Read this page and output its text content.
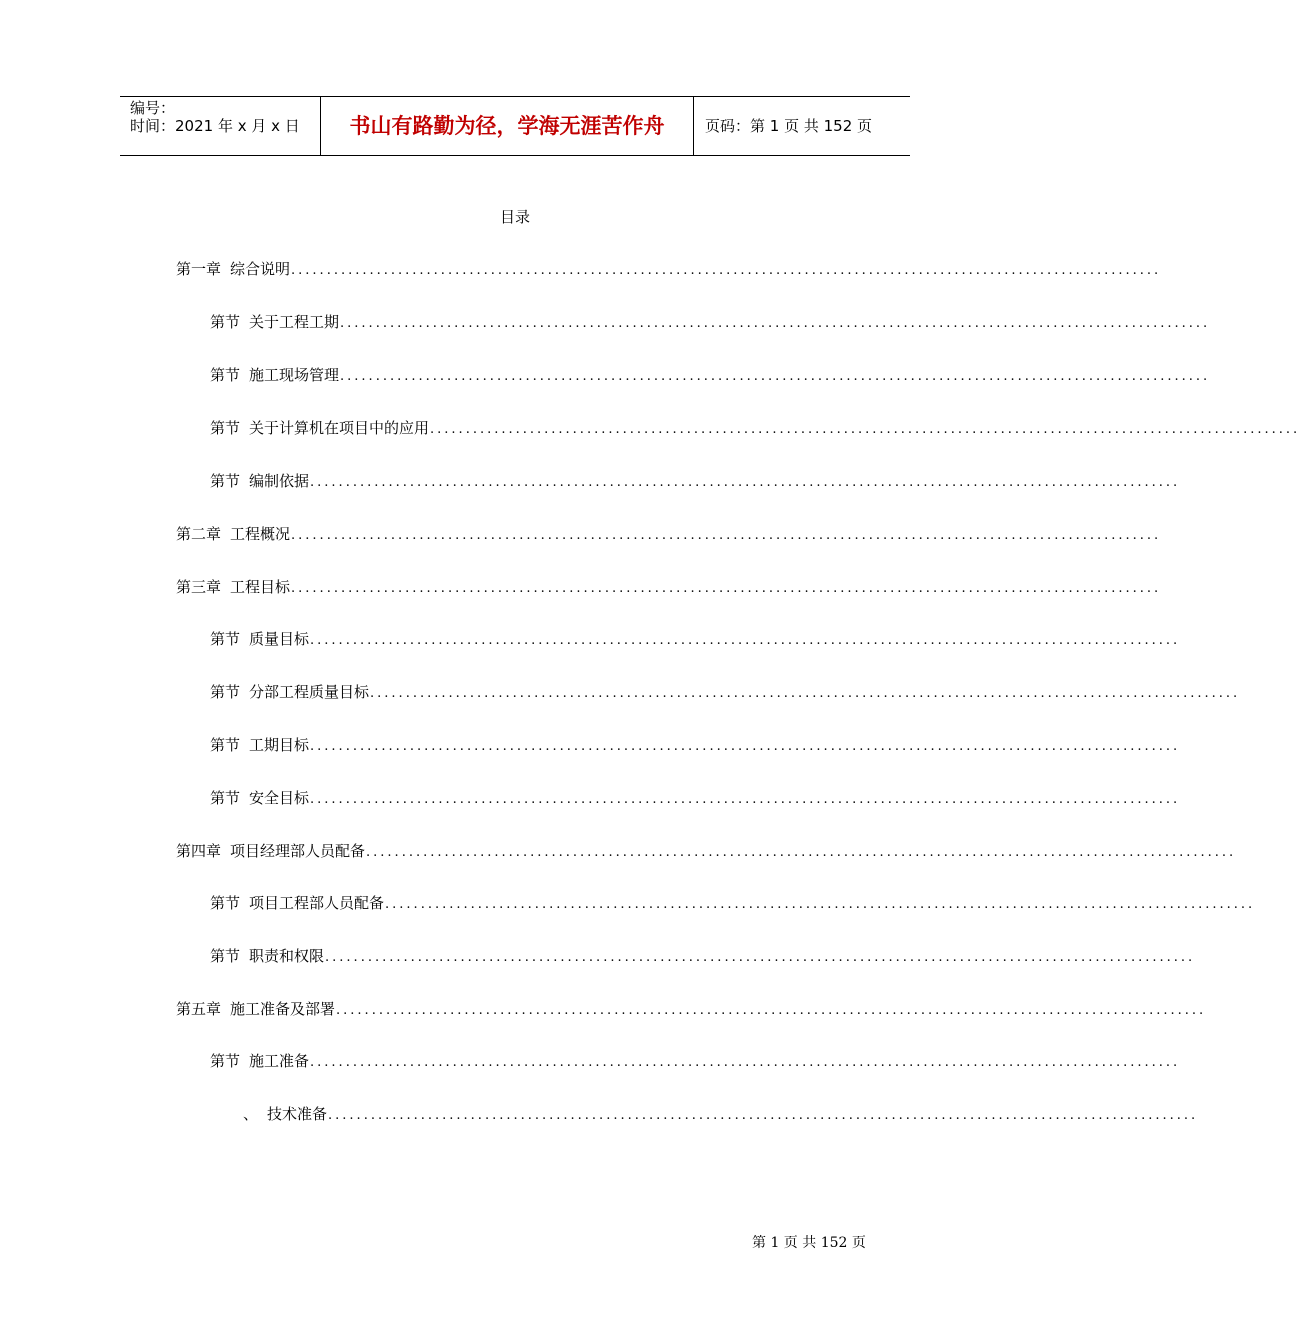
编号：
时间：2021 年 x 月 x 日	书山有路勤为径，学海无涯苦作舟	页码：第 1 页 共 152 页
目录
第一章 综合说明 ..........................................................................................................................
第节 关于工程工期 ..........................................................................................................................
第节 施工现场管理 ..........................................................................................................................
第节 关于计算机在项目中的应用 ..........................................................................................................................
第节 编制依据 ..........................................................................................................................
第二章 工程概况 ..........................................................................................................................
第三章 工程目标 ..........................................................................................................................
第节 质量目标 ..........................................................................................................................
第节 分部工程质量目标 ..........................................................................................................................
第节 工期目标 ..........................................................................................................................
第节 安全目标 ..........................................................................................................................
第四章 项目经理部人员配备 ..........................................................................................................................
第节 项目工程部人员配备 ..........................................................................................................................
第节 职责和权限 ..........................................................................................................................
第五章 施工准备及部署 ..........................................................................................................................
第节 施工准备 ..........................................................................................................................
、 技术准备 ..........................................................................................................................
第 1 页 共 152 页
